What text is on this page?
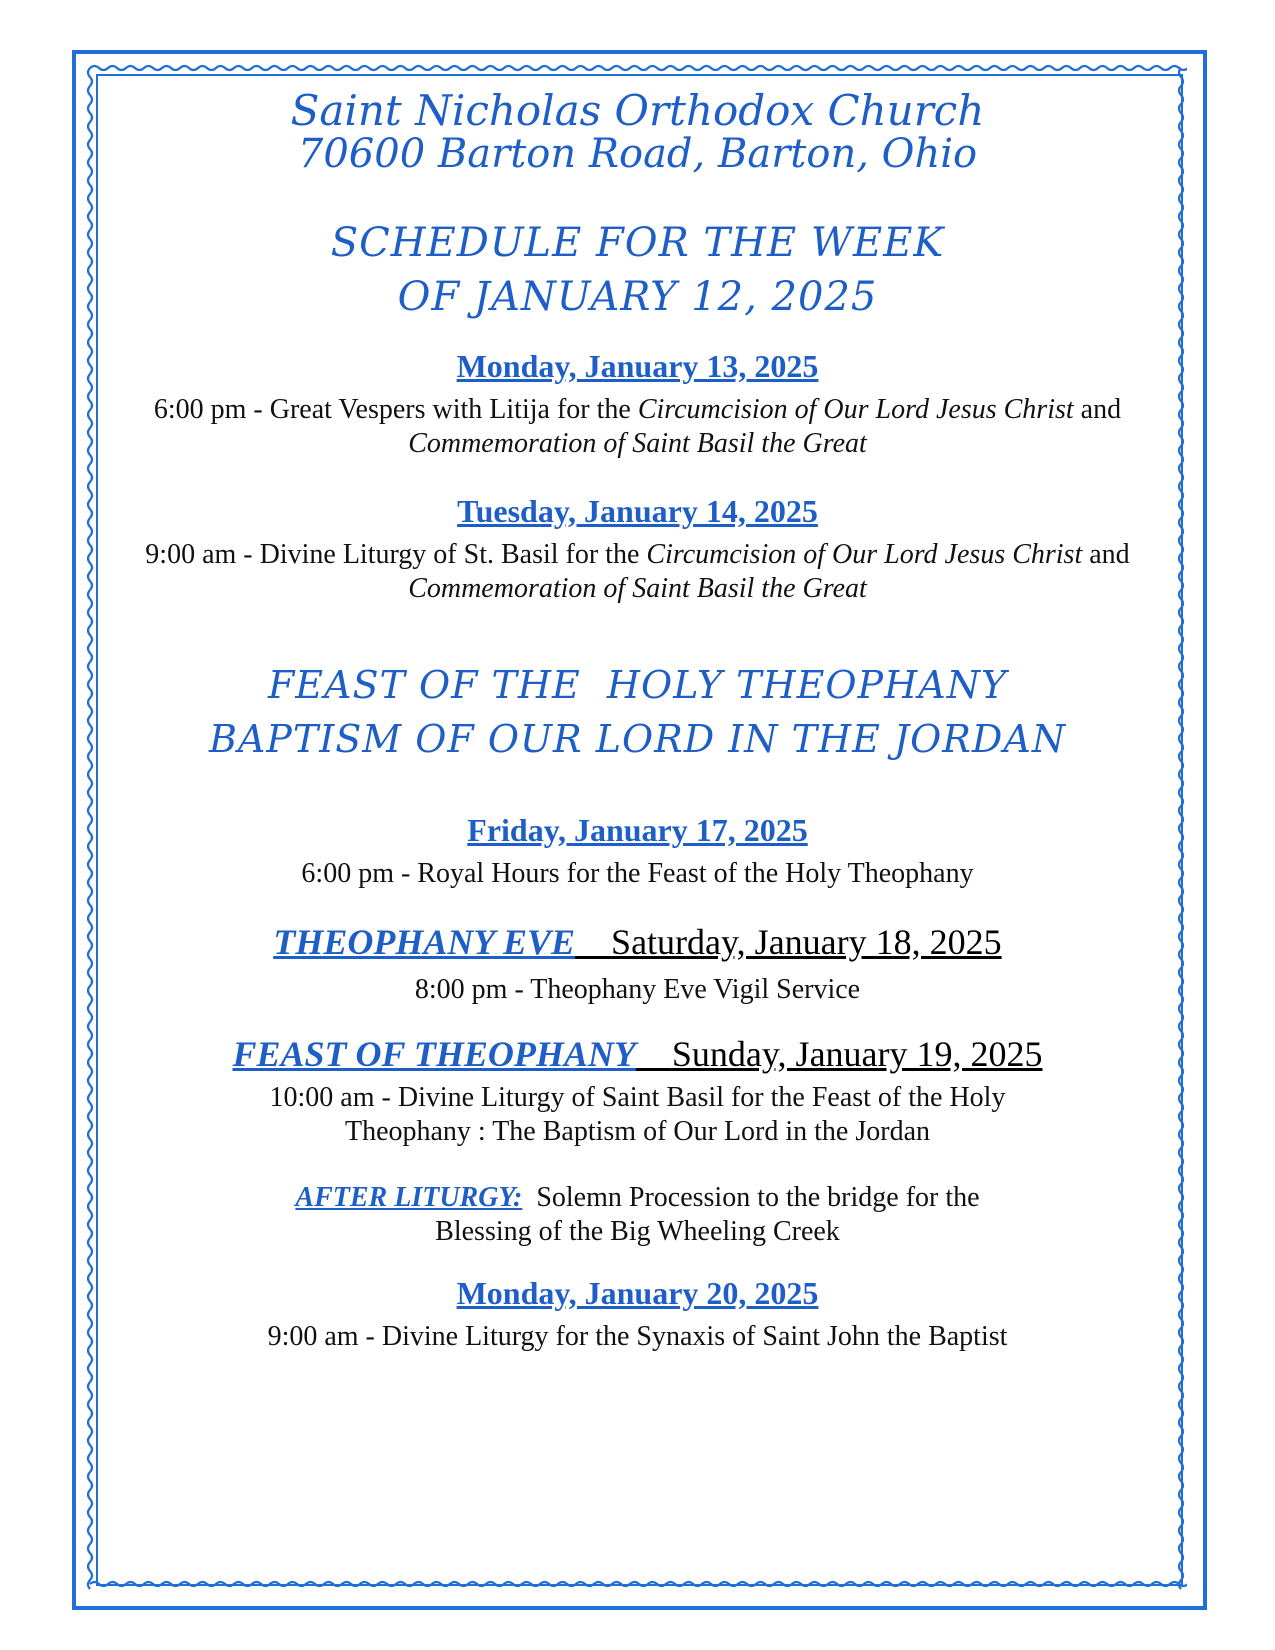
Saint Nicholas Orthodox Church

70600 Barton Road, Barton, Ohio

SCHEDULE FOR THE WEEK
OF JANUARY 12, 2025

Monday, January 13, 2025

6:00 pm - Great Vespers with Litija for the Circumcision of Our Lord Jesus Christ and Commemoration of Saint Basil the Great

Tuesday, January 14, 2025

9:00 am - Divine Liturgy of St. Basil for the Circumcision of Our Lord Jesus Christ and Commemoration of Saint Basil the Great

FEAST OF THE  HOLY THEOPHANY
BAPTISM OF OUR LORD IN THE JORDAN

Friday, January 17, 2025

6:00 pm - Royal Hours for the Feast of the Holy Theophany

THEOPHANY EVE Saturday, January 18, 2025

8:00 pm - Theophany Eve Vigil Service

FEAST OF THEOPHANY Sunday, January 19, 2025

10:00 am - Divine Liturgy of Saint Basil for the Feast of the Holy
Theophany : The Baptism of Our Lord in the Jordan

AFTER LITURGY: Solemn Procession to the bridge for the
Blessing of the Big Wheeling Creek

Monday, January 20, 2025

9:00 am - Divine Liturgy for the Synaxis of Saint John the Baptist
